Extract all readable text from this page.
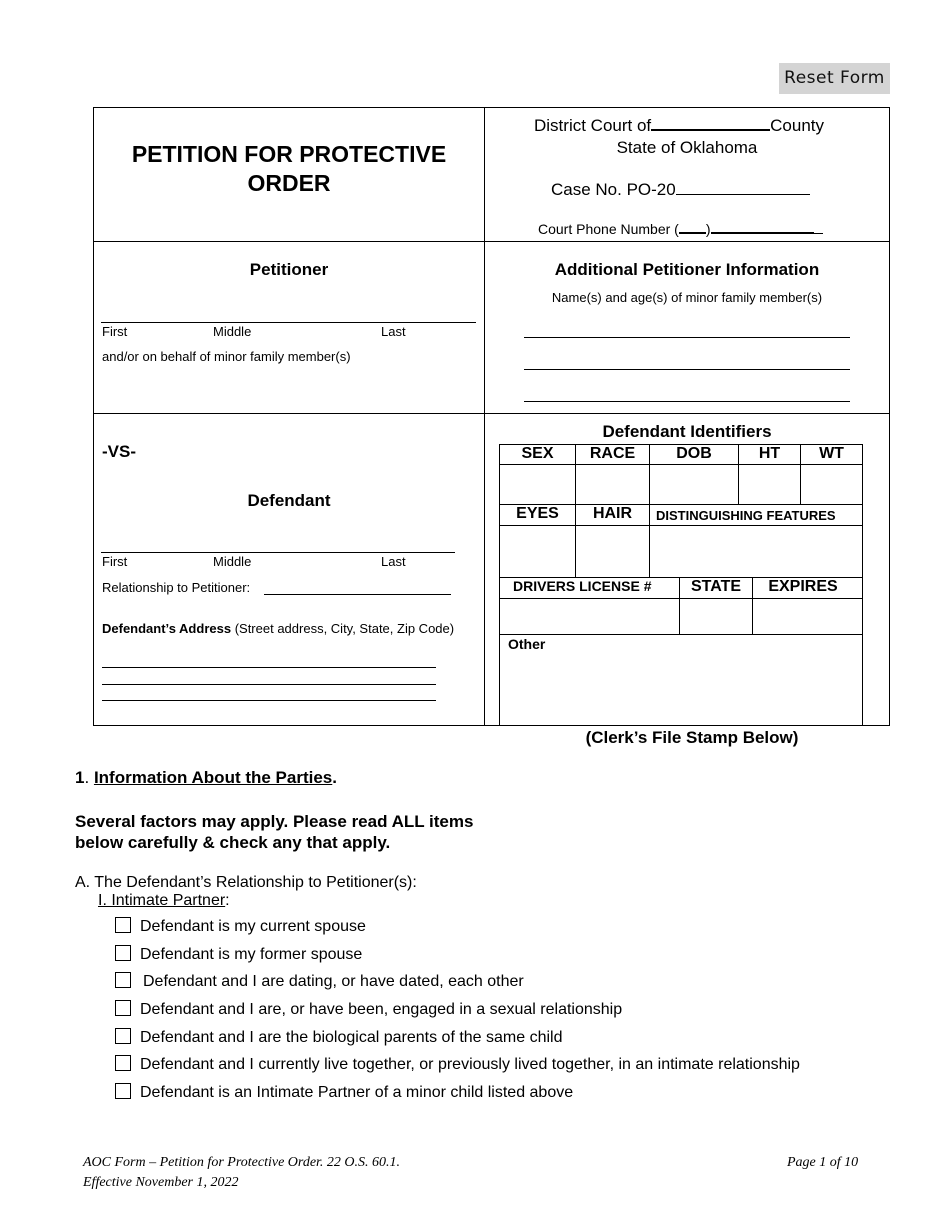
Reset Form
PETITION FOR PROTECTIVE
ORDER
District Court of	County
State of Oklahoma
Case No. PO-20
Court Phone Number ( )
Petitioner
First	Middle	Last
and/or on behalf of minor family member(s)
Additional Petitioner Information
Name(s) and age(s) of minor family member(s)
-VS-
Defendant
First	Middle	Last
Relationship to Petitioner:
Defendant’s Address (Street address, City, State, Zip Code)
Defendant Identifiers
SEX	RACE	DOB	HT	WT
EYES	HAIR	DISTINGUISHING FEATURES
DRIVERS LICENSE #	STATE	EXPIRES
Other
(Clerk’s File Stamp Below)
1. Information About the Parties.
Several factors may apply. Please read ALL items
below carefully & check any that apply.
A. The Defendant’s Relationship to Petitioner(s):
I. Intimate Partner:
Defendant is my current spouse
Defendant is my former spouse
Defendant and I are dating, or have dated, each other
Defendant and I are, or have been, engaged in a sexual relationship
Defendant and I are the biological parents of the same child
Defendant and I currently live together, or previously lived together, in an intimate relationship
Defendant is an Intimate Partner of a minor child listed above
AOC Form – Petition for Protective Order. 22 O.S. 60.1.
Effective November 1, 2022
Page 1 of 10
